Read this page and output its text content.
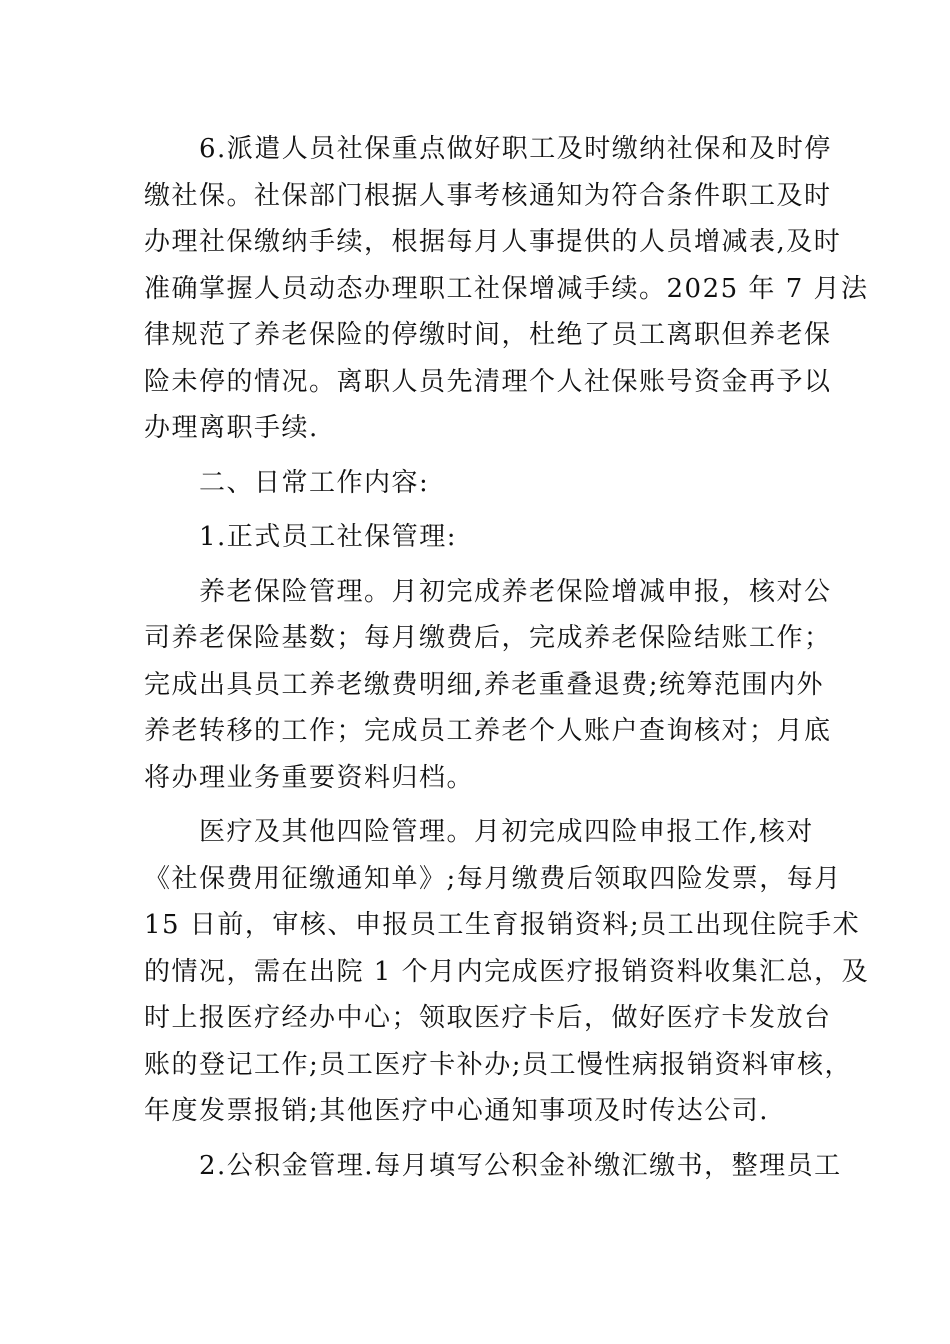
　　6.派遣人员社保重点做好职工及时缴纳社保和及时停
缴社保。社保部门根据人事考核通知为符合条件职工及时
办理社保缴纳手续，根据每月人事提供的人员增减表,及时
准确掌握人员动态办理职工社保增减手续。2025 年 7 月法
律规范了养老保险的停缴时间，杜绝了员工离职但养老保
险未停的情况。离职人员先清理个人社保账号资金再予以
办理离职手续.
　　二、日常工作内容:
　　1.正式员工社保管理:
　　养老保险管理。月初完成养老保险增减申报，核对公
司养老保险基数；每月缴费后，完成养老保险结账工作；
完成出具员工养老缴费明细,养老重叠退费;统筹范围内外
养老转移的工作；完成员工养老个人账户查询核对；月底
将办理业务重要资料归档。
　　医疗及其他四险管理。月初完成四险申报工作,核对
《社保费用征缴通知单》;每月缴费后领取四险发票，每月
15 日前，审核、申报员工生育报销资料;员工出现住院手术
的情况，需在出院 1 个月内完成医疗报销资料收集汇总，及
时上报医疗经办中心；领取医疗卡后，做好医疗卡发放台
账的登记工作;员工医疗卡补办;员工慢性病报销资料审核，
年度发票报销;其他医疗中心通知事项及时传达公司.
　　2.公积金管理.每月填写公积金补缴汇缴书，整理员工
